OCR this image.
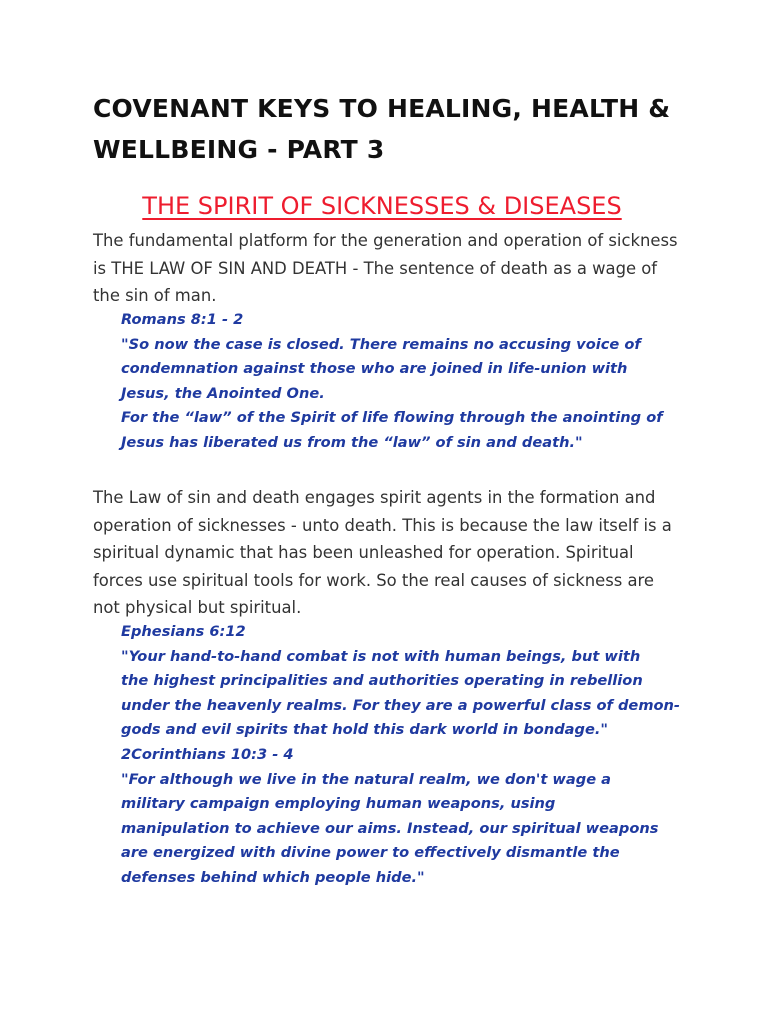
COVENANT KEYS TO HEALING, HEALTH & WELLBEING - PART 3
THE SPIRIT OF SICKNESSES & DISEASES

The fundamental platform for the generation and operation of sickness is THE LAW OF SIN AND DEATH - The sentence of death as a wage of the sin of man.

Romans 8:1 - 2
"So now the case is closed. There remains no accusing voice of
condemnation against those who are joined in life-union with
Jesus, the Anointed One.
For the “law” of the Spirit of life flowing through the anointing of
Jesus has liberated us from the “law” of sin and death."

The Law of sin and death engages spirit agents in the formation and operation of sicknesses - unto death. This is because the law itself is a spiritual dynamic that has been unleashed for operation. Spiritual forces use spiritual tools for work. So the real causes of sickness are not physical but spiritual.

Ephesians 6:12
"Your hand-to-hand combat is not with human beings, but with
the highest principalities and authorities operating in rebellion
under the heavenly realms. For they are a powerful class of demon-
gods and evil spirits that hold this dark world in bondage."
2Corinthians 10:3 - 4
"For although we live in the natural realm, we don't wage a
military campaign employing human weapons, using
manipulation to achieve our aims. Instead, our spiritual weapons
are energized with divine power to effectively dismantle the
defenses behind which people hide."
